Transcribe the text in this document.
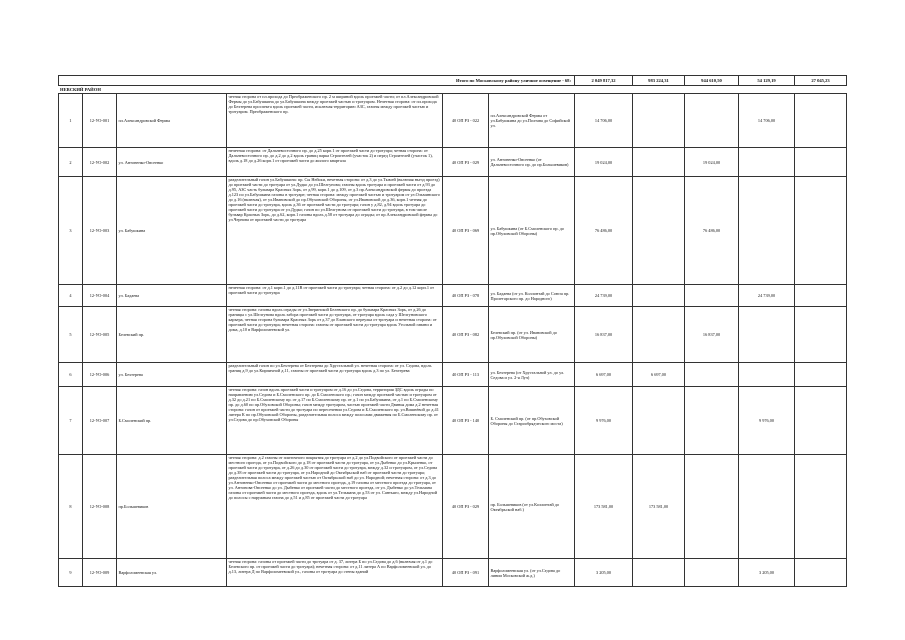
Итого по Московскому району уличное освещение - 68:						2 049 817,32	983 224,31	944 610,50	54 129,19	27 045,23
НЕВСКИЙ РАЙОН										
1	12-УО-001	пл.Александровской Фермы	четная сторона от пл.прохода до Преображенского пр. 2 м шириной вдоль проезжей части; от пл.Александровской Фермы до ул.Бабушкина до ул.Бабушкина между проезжей частью и тротуаром. Нечетная сторона: от пл.прохода до Бехтерева проспекта вдоль проезжей части, исключая территорию АЗС, газоны между проезжей частью и тротуаром. Преображенского пр.	40 ОП РЗ - 022	пл.Александровской Фермы от ул.Бабушкина до ул.Полтава до Софийской ул.	14 706,00			14 706,00	
2	12-УО-002	ул. Антоненко-Овсеенко	нечетная сторона: от Дальневосточного пр. до д.25 корп.1 от проезжей части до тротуара; четная сторона: от Дальневосточного пр. до д.2 до д.2 вдоль границ парка Строителей (участок 2) и перед Строителей (участок 1), вдоль д.18 до д.26 корп.1 от проезжей части до жилого квартала	40 ОП РЗ - 029	ул. Антоненко-Овсеенко (от Дальневосточного пр. до пр.Большевиков)	19 024,00		19 024,00		
3	12-УО-003	ул. Бабушкина	разделительный газон ул.Бабушкина: пр. Сы Нейски, нечетная сторона: от д.3 до ул.Ткачей (включая въезд проезд) до проезжей части до тротуара от ул.Дудко до ул.Шелгунова; газоны вдоль тротуара и проезжей части от д.93 до д.95, АЗС часть бульвара Красных Зорь, от д.99, корп.1 до д.109, от д.3 пр.Александровской фермы до проезда д.123 по ул.Бабушкина газоны в тротуаре; четная сторона: между проезжей частью и тротуаром от ул.Ольминского до д.16 (включая), от ул.Ивановской до пр.Обуховской Обороны, от ул.Ивановской до д.36, корп.1 четная до проезжей части до тротуара, вдоль д.36 от проезжей части до тротуара; газон у д.82, д.94 вдоль тротуара до проезжей части до тротуара от ул.Дудко; газон по ул.Шелгунова от проезжей части до тротуара, в том числе бульвар Красных Зорь, до д.62, корп.1 газоны вдоль д.58 от тротуара до ограды; от пр.Александровской фермы до ул.Чернова от проезжей части до тротуара	40 ОП РЗ - 069	ул. Бабушкина (от Б.Смоленского пр. до пр.Обуховской Обороны)	76 486,00		76 486,00		
4	12-УО-004	ул. Бадаева	нечетная сторона: от д.1 корп.1 до д.11В от проезжей части до тротуара; четная сторона: от д.2 до д.12 корп.1 от проезжей части до тротуара	40 ОП РЗ - 078	ул. Бадаева (от ул. Коллонтай до Союза пр. Пролетарского пр. до Народного)	24 739,00			24 739,00	
5	12-УО-005	Белевский пр.	четная сторона: газоны вдоль ограды от ул.Зверинской Белевского пр. до бульвара Красных Зорь, от д.26 до границы с ул.Шелгунова вдоль забора проезжей части до тротуара, от тротуара вдоль сада у Шелгуновского карьера, четная сторона бульвара Красных Зорь от д.37 до Еланского переулка от тротуара и нечетная сторона: от проезжей части до тротуара; нечетная сторона: газоны от проезжей части до тротуара вдоль Угольной гавани и дома, д.10 в Варфоломеевской ул.	40 ОП РЗ - 082	Белевский пр. (от ул. Ивановской до пр.Обуховской Обороны)	16 837,00		16 837,00		
6	12-УО-006	ул. Бехтерева	разделительный газон по ул.Бехтерева от Бехтерева до Хрустальной ул. нечетная сторона: от ул. Седова, вдоль границ д.9 до ул.Кирпичной д.11, газоны от проезжей части до тротуара вдоль д.3 по ул. Бехтерева	40 ОП РЗ - 113	ул. Бехтерева (от Хрустальной ул. до ул. Седова и ул. 2-я Луч)	6 697,00	6 697,00			
7	12-УО-007	Б.Смоленский пр.	четная сторона: газон вдоль проезжей части и тротуаром от д.16 до ул.Седова, территория ЗДС вдоль ограды по направлению ул.Седова и Б.Смоленского пр. до Б.Смоленского пр.; газон между проезжей частью и тротуаром от д.32 до д.21 по Б.Смоленскому пр. от д.17 по Б.Смоленскому пр. от д.1 по ул.Бабушкина, от д.1 по Б.Смоленскому пр. до д.60 по пр.Обуховской Обороны; газон между тротуаром, частью проезжей части Двинья дома д.2 нечетная сторона: газон от проезжей части до тротуара по пересечении ул.Седова и Б.Смоленского пр. ул.Вишнёвой до д.41 литера К по пр.Обуховской Обороны, разделительная полоса между полосами движения по Б.Смоленскому пр. от ул.Седова до пр.Обуховской Обороны	40 ОП РЗ - 140	Б. Смоленский пр. (от пр.Обуховской Обороны до Старообрядческого моста)	9 976,00			9 976,00	
8	12-УО-008	пр.Большевиков	четная сторона: д.2 газоны от плиточного покрытия до тротуара от д.2 до ул.Подвойского от проезжей части до местного проезда, от ул.Подвойского до д.18 от проезжей части до тротуара, от ул.Дыбенко до ул.Крыленко, от проезжей части до тротуара, от д.26 до д.30 от проезжей части до тротуара, между д.32 и тротуаром, от ул.Седова до д.38 от проезжей части до тротуара, от ул.Народной до Октябрьской наб от проезжей части до тротуара; разделительная полоса между проезжей частью от Октябрьской наб до ул. Народной; нечетная сторона: от д.3 до ул.Антоненко-Овсеенко от проезжей части до местного проезда, д.19 газоны от местного проезда до тротуара, от ул. Антонова-Овсеенко до ул. Дыбенко от проезжей части до местного проезда, от ул. Дыбенко до ул.Тельмана газоны от проезжей части до местного проезда, вдоль от ул.Тельмана до д.53 от ул. Сантьяго, между ул.Народной до полосы с наружным газона до д.51 и д.85 от проезжей части до тротуара	40 ОП РЗ - 029	пр. Большевиков (от ул.Коллонтай до Октябрьской наб.)	173 581,00	173 581,00			
9	12-УО-009	Варфоломеевская ул.	четная сторона: газоны от проезжей части до тротуара от д. 37, литера Б по ул.Седова до д.6 (включая от д.1 до Белевского пр. от проезжей части до тротуара); нечетная сторона: от д.11 литера А по Варфоломеевской ул. до д.13, литера Д по Варфоломеевской ул., газоны от тротуара до стены зданий	40 ОП РЗ - 091	Варфоломеевская ул. (от ул.Седова до линии Московской ж.д.)	3 205,00			3 205,00	
